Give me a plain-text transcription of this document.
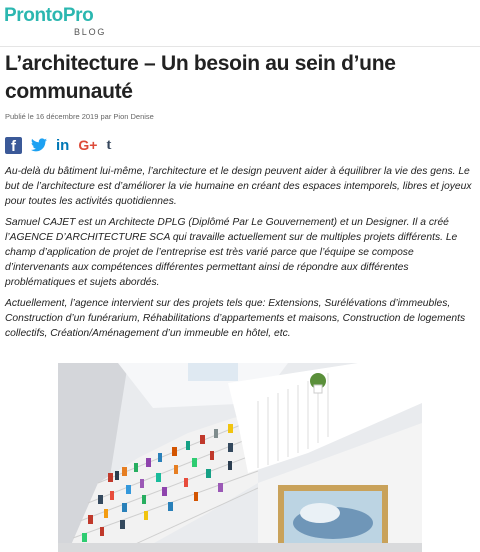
ProntoPro
BLOG
L’architecture – Un besoin au sein d’une communauté
Publié le 16 décembre 2019 par Pion Denise
f	in G+ t

Au-delà du bâtiment lui-même, l’architecture et le design peuvent aider à équilibrer la vie des gens. Le but de l’architecture est d’améliorer la vie humaine en créant des espaces intemporels, libres et joyeux pour toutes les activités quotidiennes.

Samuel CAJET est un Architecte DPLG (Diplômé Par Le Gouvernement) et un Designer. Il a créé l’AGENCE D’ARCHITECTURE SCA qui travaille actuellement sur de multiples projets différents. Le champ d’application de projet de l’entreprise est très varié parce que l’équipe se compose d’intervenants aux compétences différentes permettant ainsi de répondre aux différentes problématiques et sujets abordés.

Actuellement, l’agence intervient sur des projets tels que: Extensions, Surélévations d’immeubles, Construction d’un funérarium, Réhabilitations d’appartements et maisons, Construction de logements collectifs, Création/Aménagement d’un immeuble en hôtel, etc.
